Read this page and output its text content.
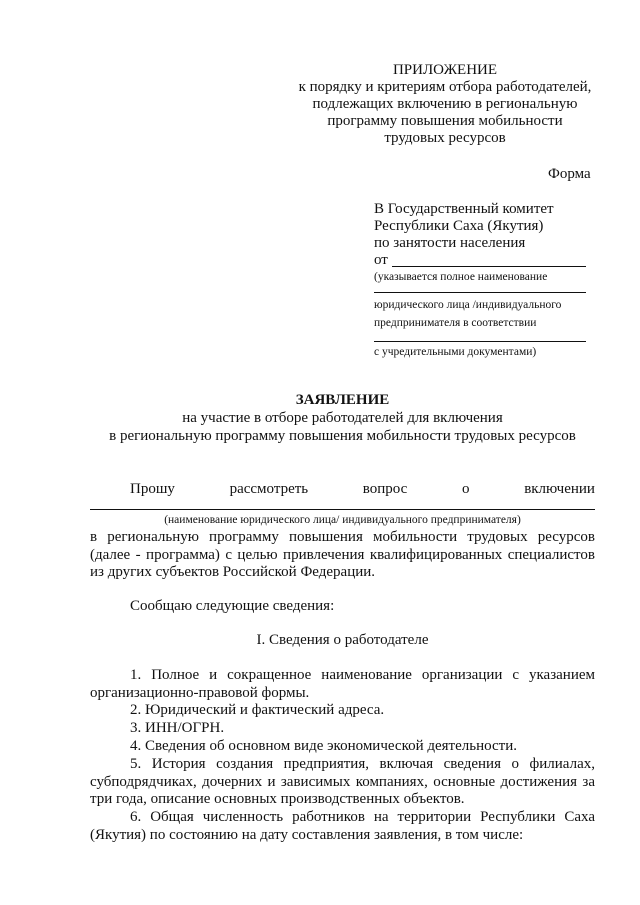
ПРИЛОЖЕНИЕ
к порядку и критериям отбора работодателей,
подлежащих включению в региональную
программу повышения мобильности
трудовых ресурсов
Форма
В Государственный комитет
Республики Саха (Якутия)
по занятости населения
от
(указывается полное наименование
юридического лица /индивидуального
предпринимателя в соответствии
с учредительными документами)
ЗАЯВЛЕНИЕ
на участие в отборе работодателей для включения
в региональную программу повышения мобильности трудовых ресурсов
Прошу	рассмотреть	вопрос	о	включении
(наименование юридического лица/ индивидуального предпринимателя)
в региональную программу повышения мобильности трудовых ресурсов (далее - программа) с целью привлечения квалифицированных специалистов из других субъектов Российской Федерации.
Сообщаю следующие сведения:
I. Сведения о работодателе
1. Полное и сокращенное наименование организации с указанием организационно-правовой формы.
2. Юридический и фактический адреса.
3. ИНН/ОГРН.
4. Сведения об основном виде экономической деятельности.
5. История создания предприятия, включая сведения о филиалах, субподрядчиках, дочерних и зависимых компаниях, основные достижения за три года, описание основных производственных объектов.
6. Общая численность работников на территории Республики Саха (Якутия) по состоянию на дату составления заявления, в том числе:
